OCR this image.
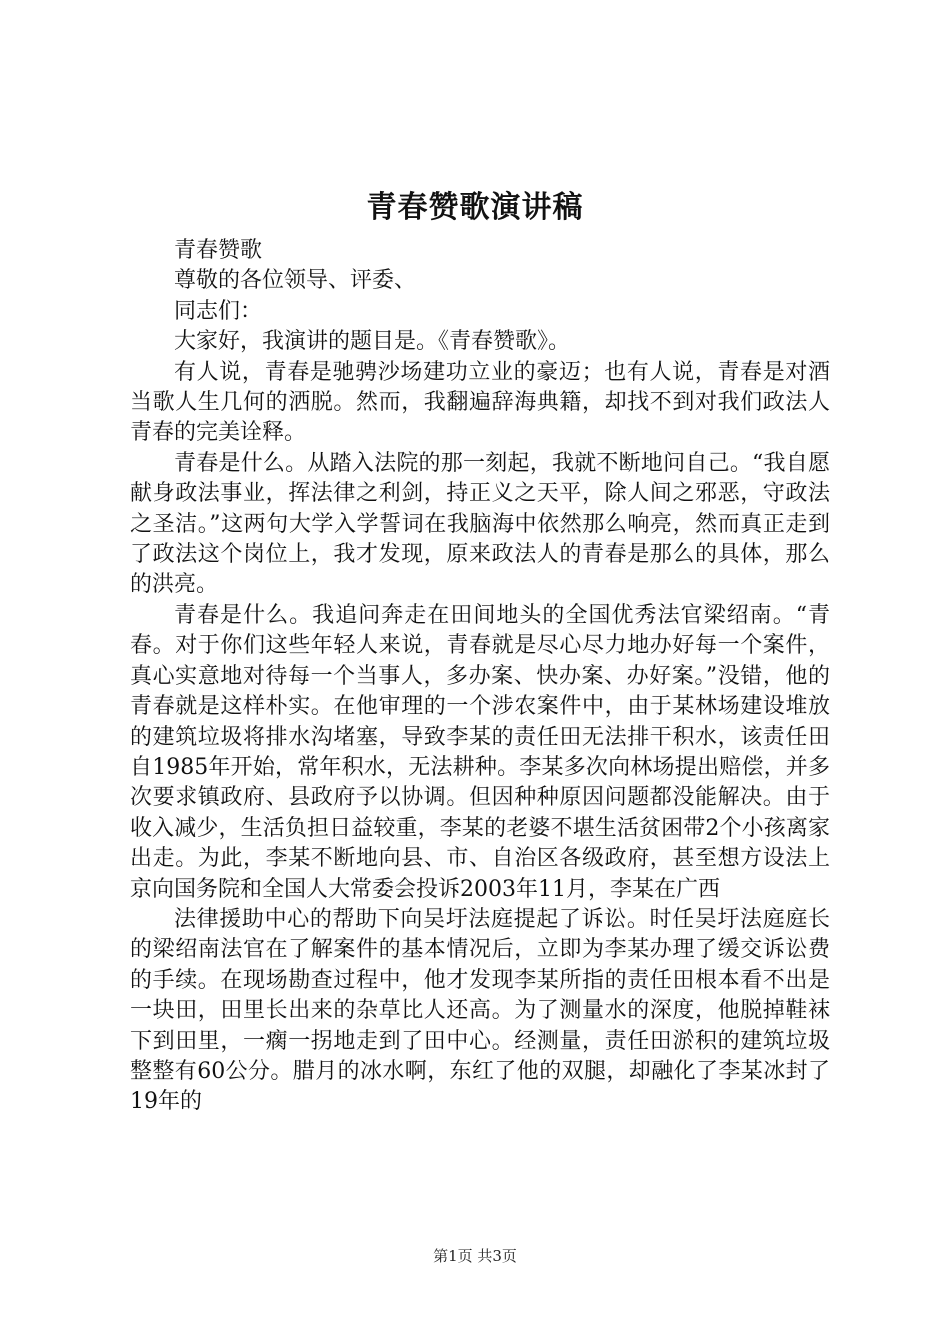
青春赞歌演讲稿

青春赞歌

尊敬的各位领导、评委、

同志们：

大家好，我演讲的题目是。《青春赞歌》。

有人说，青春是驰骋沙场建功立业的豪迈；也有人说，青春是对酒当歌人生几何的洒脱。然而，我翻遍辞海典籍，却找不到对我们政法人青春的完美诠释。

青春是什么。从踏入法院的那一刻起，我就不断地问自己。“我自愿献身政法事业，挥法律之利剑，持正义之天平，除人间之邪恶，守政法之圣洁。”这两句大学入学誓词在我脑海中依然那么响亮，然而真正走到了政法这个岗位上，我才发现，原来政法人的青春是那么的具体，那么的洪亮。

青春是什么。我追问奔走在田间地头的全国优秀法官梁绍南。“青春。对于你们这些年轻人来说，青春就是尽心尽力地办好每一个案件，真心实意地对待每一个当事人，多办案、快办案、办好案。”没错，他的青春就是这样朴实。在他审理的一个涉农案件中，由于某林场建设堆放的建筑垃圾将排水沟堵塞，导致李某的责任田无法排干积水，该责任田自1985年开始，常年积水，无法耕种。李某多次向林场提出赔偿，并多次要求镇政府、县政府予以协调。但因种种原因问题都没能解决。由于收入减少，生活负担日益较重，李某的老婆不堪生活贫困带2个小孩离家出走。为此，李某不断地向县、市、自治区各级政府，甚至想方设法上京向国务院和全国人大常委会投诉2003年11月，李某在广西

法律援助中心的帮助下向吴圩法庭提起了诉讼。时任吴圩法庭庭长的梁绍南法官在了解案件的基本情况后，立即为李某办理了缓交诉讼费的手续。在现场勘查过程中，他才发现李某所指的责任田根本看不出是一块田，田里长出来的杂草比人还高。为了测量水的深度，他脱掉鞋袜下到田里，一瘸一拐地走到了田中心。经测量，责任田淤积的建筑垃圾整整有60公分。腊月的冰水啊，东红了他的双腿，却融化了李某冰封了19年的

第1页 共3页
